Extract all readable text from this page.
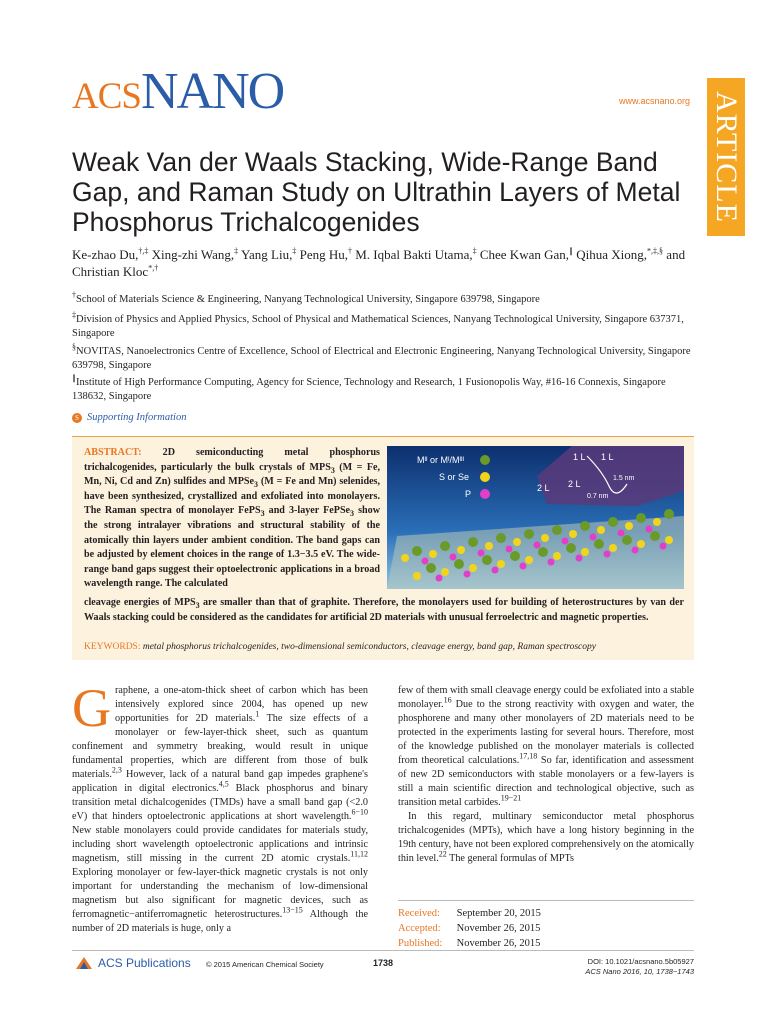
ACSNANO	www.acsnano.org ARTICLE
Weak Van der Waals Stacking, Wide-Range Band Gap, and Raman Study on Ultrathin Layers of Metal Phosphorus Trichalcogenides
Ke-zhao Du,†,‡ Xing-zhi Wang,‡ Yang Liu,‡ Peng Hu,† M. Iqbal Bakti Utama,‡ Chee Kwan Gan,∥ Qihua Xiong,*,‡,§ and Christian Kloc*,†
†School of Materials Science & Engineering, Nanyang Technological University, Singapore 639798, Singapore
‡Division of Physics and Applied Physics, School of Physical and Mathematical Sciences, Nanyang Technological University, Singapore 637371, Singapore
§NOVITAS, Nanoelectronics Centre of Excellence, School of Electrical and Electronic Engineering, Nanyang Technological University, Singapore 639798, Singapore
∥Institute of High Performance Computing, Agency for Science, Technology and Research, 1 Fusionopolis Way, #16-16 Connexis, Singapore 138632, Singapore
S Supporting Information
ABSTRACT: 2D semiconducting metal phosphorus trichalcogenides, particularly the bulk crystals of $MPS_3$ (M = Fe, Mn, Ni, Cd and Zn) sulfides and MPSe$_3$ (M = Fe and Mn) selenides, have been synthesized, crystallized and exfoliated into monolayers. The Raman spectra of monolayer FePS$_3$ and 3-layer FePSe$_3$ show the strong intralayer vibrations and structural stability of the atomically thin layers under ambient condition. The band gaps can be adjusted by element choices in the range of 1.3−3.5 eV. The wide-range band gaps suggest their optoelectronic applications in a broad wavelength range. The calculated
cleavage energies of $MPS_3$ are smaller than that of graphite. Therefore, the monolayers used for building of heterostructures by van der Waals stacking could be considered as the candidates for artificial 2D materials with unusual ferroelectric and magnetic properties.
KEYWORDS: metal phosphorus trichalcogenides, two-dimensional semiconductors, cleavage energy, band gap, Raman spectroscopy
Mᴵᴵ or Mᴵ/Mᴵᴵᴵ
S or Se
P
1 L 1 L
2 L 2 L
1.5 nm
0.7 nm
Graphene, a one-atom-thick sheet of carbon which has been intensively explored since 2004, has opened up new opportunities for 2D materials.$^1$ The size effects of a monolayer or few-layer-thick sheet, such as quantum confinement and symmetry breaking, would result in unique fundamental properties, which are different from those of bulk materials.$^{2,3}$ However, lack of a natural band gap impedes graphene's application in digital electronics.$^{4,5}$ Black phosphorus and binary transition metal dichalcogenides (TMDs) have a small band gap (<2.0 eV) that hinders optoelectronic applications at short wavelength.$^{6-10}$ New stable monolayers could provide candidates for materials study, including short wavelength optoelectronic applications and intrinsic magnetism, still missing in the current 2D atomic crystals.$^{11,12}$ Exploring monolayer or few-layer-thick magnetic crystals is not only important for understanding the mechanism of low-dimensional magnetism but also significant for magnetic devices, such as ferromagnetic−antiferromagnetic heterostructures.$^{13-15}$ Although the number of 2D materials is huge, only a
few of them with small cleavage energy could be exfoliated into a stable monolayer.$^{16}$ Due to the strong reactivity with oxygen and water, the phosphorene and many other monolayers of 2D materials need to be protected in the experiments lasting for several hours. Therefore, most of the knowledge published on the monolayer materials is collected from theoretical calculations.$^{17,18}$ So far, identification and assessment of new 2D semiconductors with stable monolayers or a few-layers is still a main scientific direction and technological objective, such as transition metal carbides.$^{19-21}$
In this regard, multinary semiconductor metal phosphorus trichalcogenides (MPTs), which have a long history beginning in the 19th century, have not been explored comprehensively on the atomically thin level.$^{22}$ The general formulas of MPTs
Received: September 20, 2015
Accepted: November 26, 2015
Published: November 26, 2015
ACS Publications © 2015 American Chemical Society	1738	DOI: 10.1021/acsnano.5b05927
ACS Nano 2016, 10, 1738−1743
